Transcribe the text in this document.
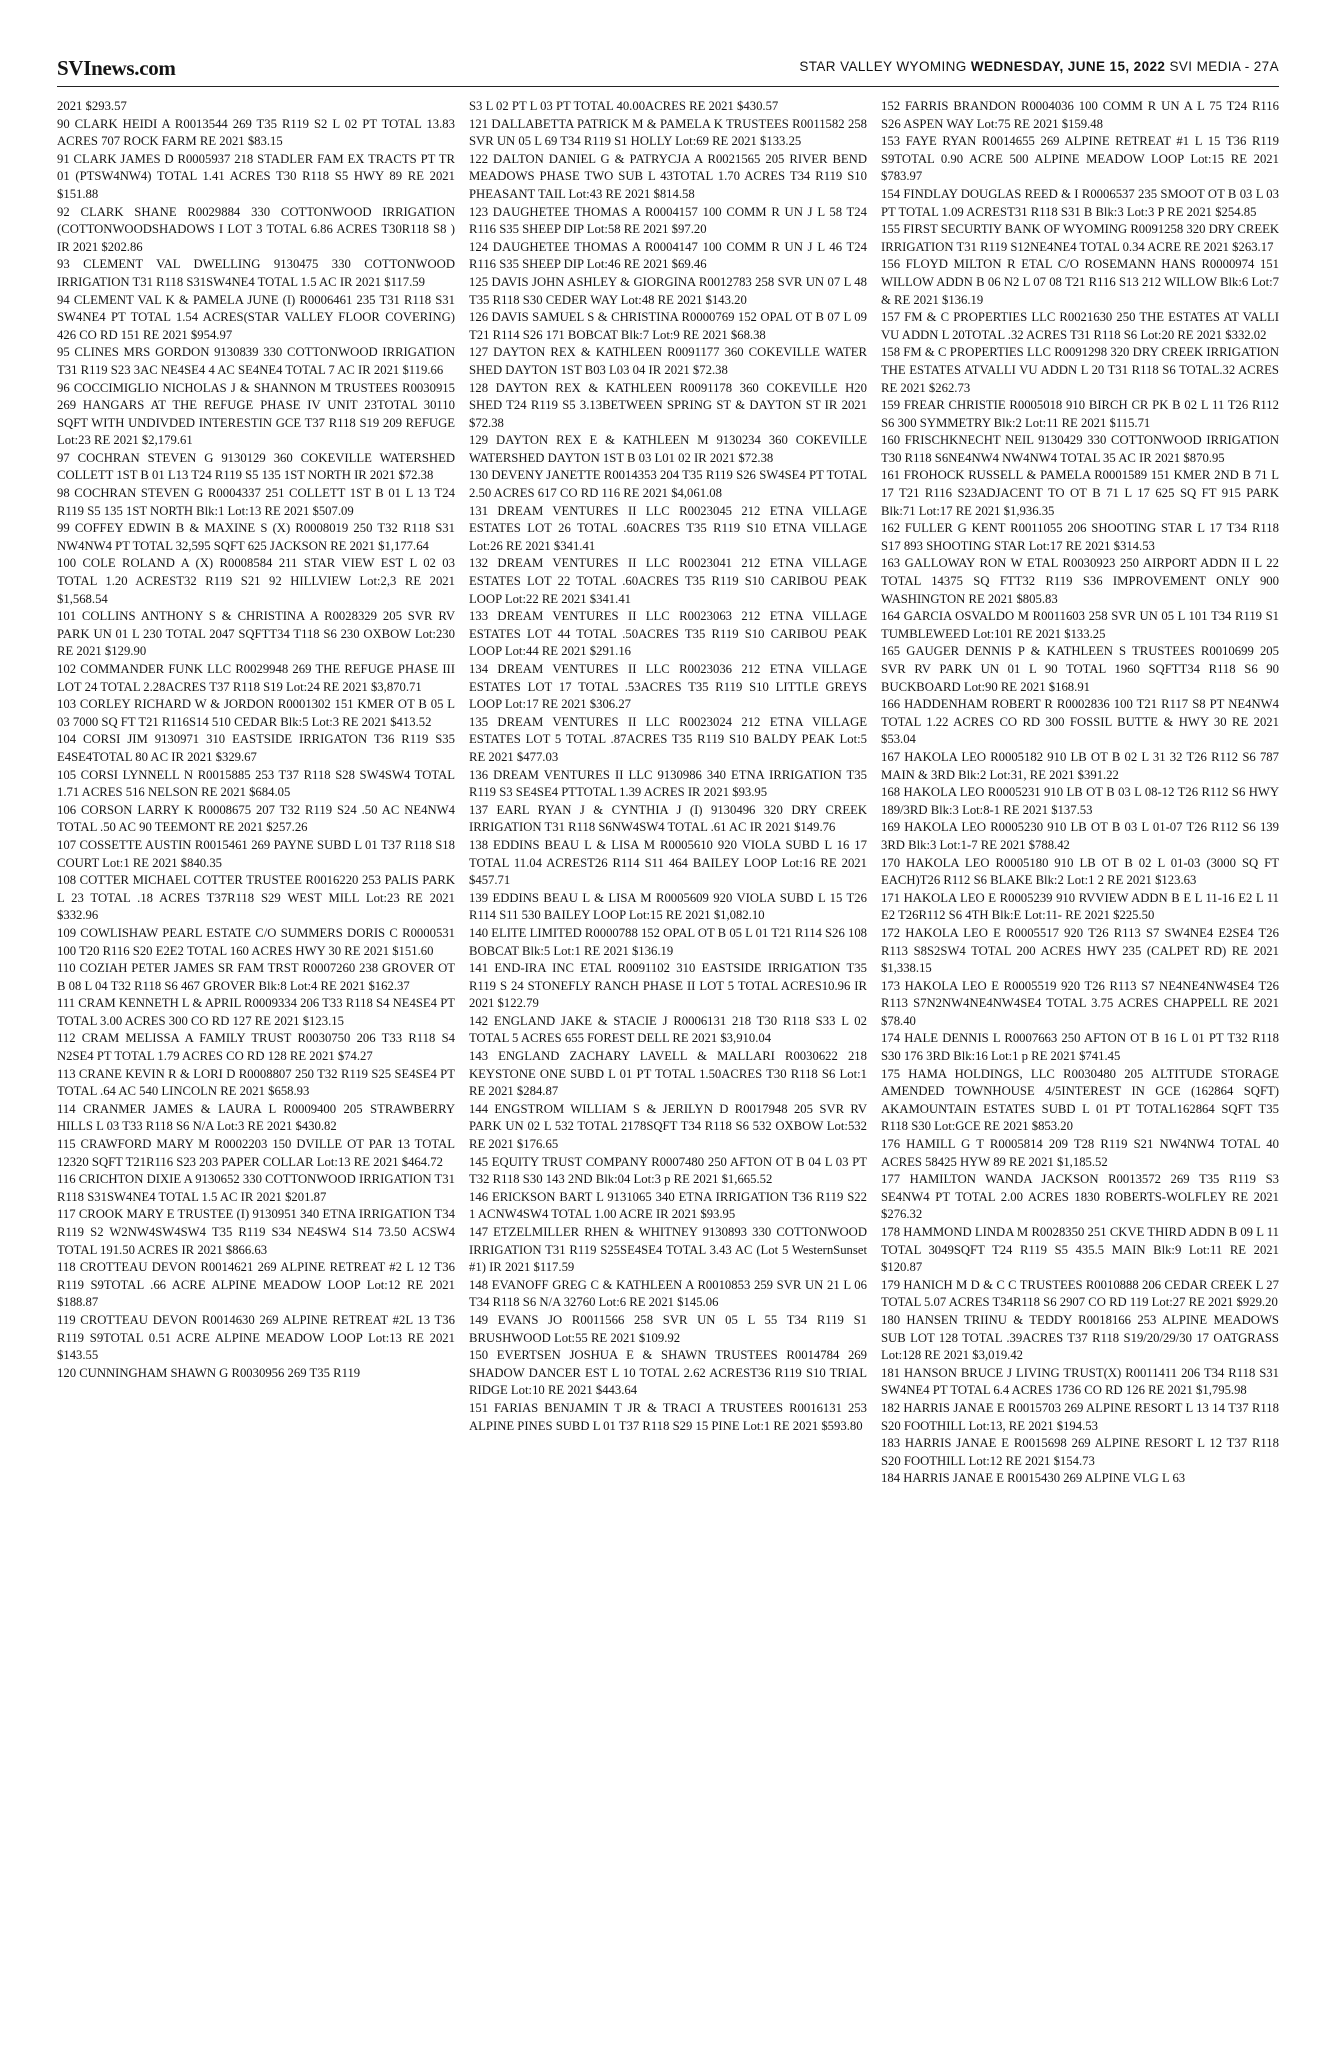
SVInews.com	STAR VALLEY WYOMING WEDNESDAY, JUNE 15, 2022 SVI MEDIA - 27A

2021 $293.57

90 CLARK HEIDI A R0013544 269 T35 R119 S2 L 02 PT TOTAL 13.83 ACRES 707 ROCK FARM RE 2021 $83.15

91 CLARK JAMES D R0005937 218 STADLER FAM EX TRACTS PT TR 01 (PTSW4NW4) TOTAL 1.41 ACRES T30 R118 S5 HWY 89 RE 2021 $151.88

92 CLARK SHANE R0029884 330 COTTONWOOD IRRIGATION (COTTONWOODSHADOWS I LOT 3 TOTAL 6.86 ACRES T30R118 S8 ) IR 2021 $202.86

93 CLEMENT VAL DWELLING 9130475 330 COTTONWOOD IRRIGATION T31 R118 S31SW4NE4 TOTAL 1.5 AC IR 2021 $117.59

94 CLEMENT VAL K & PAMELA JUNE (I) R0006461 235 T31 R118 S31 SW4NE4 PT TOTAL 1.54 ACRES(STAR VALLEY FLOOR COVERING) 426 CO RD 151 RE 2021 $954.97

95 CLINES MRS GORDON 9130839 330 COTTONWOOD IRRIGATION T31 R119 S23 3AC NE4SE4 4 AC SE4NE4 TOTAL 7 AC IR 2021 $119.66

96 COCCIMIGLIO NICHOLAS J & SHANNON M TRUSTEES R0030915 269 HANGARS AT THE REFUGE PHASE IV UNIT 23TOTAL 30110 SQFT WITH UNDIVDED INTERESTIN GCE T37 R118 S19 209 REFUGE Lot:23 RE 2021 $2,179.61

97 COCHRAN STEVEN G 9130129 360 COKEVILLE WATERSHED COLLETT 1ST B 01 L13 T24 R119 S5 135 1ST NORTH IR 2021 $72.38

98 COCHRAN STEVEN G R0004337 251 COLLETT 1ST B 01 L 13 T24 R119 S5 135 1ST NORTH Blk:1 Lot:13 RE 2021 $507.09

99 COFFEY EDWIN B & MAXINE S (X) R0008019 250 T32 R118 S31 NW4NW4 PT TOTAL 32,595 SQFT 625 JACKSON RE 2021 $1,177.64

100 COLE ROLAND A (X) R0008584 211 STAR VIEW EST L 02 03 TOTAL 1.20 ACREST32 R119 S21 92 HILLVIEW Lot:2,3 RE 2021 $1,568.54

101 COLLINS ANTHONY S & CHRISTINA A R0028329 205 SVR RV PARK UN 01 L 230 TOTAL 2047 SQFTT34 T118 S6 230 OXBOW Lot:230 RE 2021 $129.90

102 COMMANDER FUNK LLC R0029948 269 THE REFUGE PHASE III LOT 24 TOTAL 2.28ACRES T37 R118 S19 Lot:24 RE 2021 $3,870.71

103 CORLEY RICHARD W & JORDON R0001302 151 KMER OT B 05 L 03 7000 SQ FT T21 R116S14 510 CEDAR Blk:5 Lot:3 RE 2021 $413.52

104 CORSI JIM 9130971 310 EASTSIDE IRRIGATON T36 R119 S35 E4SE4TOTAL 80 AC IR 2021 $329.67

105 CORSI LYNNELL N R0015885 253 T37 R118 S28 SW4SW4 TOTAL 1.71 ACRES 516 NELSON RE 2021 $684.05

106 CORSON LARRY K R0008675 207 T32 R119 S24 .50 AC NE4NW4 TOTAL .50 AC 90 TEEMONT RE 2021 $257.26

107 COSSETTE AUSTIN R0015461 269 PAYNE SUBD L 01 T37 R118 S18 COURT Lot:1 RE 2021 $840.35

108 COTTER MICHAEL COTTER TRUSTEE R0016220 253 PALIS PARK L 23 TOTAL .18 ACRES T37R118 S29 WEST MILL Lot:23 RE 2021 $332.96

109 COWLISHAW PEARL ESTATE C/O SUMMERS DORIS C R0000531 100 T20 R116 S20 E2E2 TOTAL 160 ACRES HWY 30 RE 2021 $151.60

110 COZIAH PETER JAMES SR FAM TRST R0007260 238 GROVER OT B 08 L 04 T32 R118 S6 467 GROVER Blk:8 Lot:4 RE 2021 $162.37

111 CRAM KENNETH L & APRIL R0009334 206 T33 R118 S4 NE4SE4 PT TOTAL 3.00 ACRES 300 CO RD 127 RE 2021 $123.15

112 CRAM MELISSA A FAMILY TRUST R0030750 206 T33 R118 S4 N2SE4 PT TOTAL 1.79 ACRES CO RD 128 RE 2021 $74.27

113 CRANE KEVIN R & LORI D R0008807 250 T32 R119 S25 SE4SE4 PT TOTAL .64 AC 540 LINCOLN RE 2021 $658.93

114 CRANMER JAMES & LAURA L R0009400 205 STRAWBERRY HILLS L 03 T33 R118 S6 N/A Lot:3 RE 2021 $430.82

115 CRAWFORD MARY M R0002203 150 DVILLE OT PAR 13 TOTAL 12320 SQFT T21R116 S23 203 PAPER COLLAR Lot:13 RE 2021 $464.72

116 CRICHTON DIXIE A 9130652 330 COTTONWOOD IRRIGATION T31 R118 S31SW4NE4 TOTAL 1.5 AC IR 2021 $201.87

117 CROOK MARY E TRUSTEE (I) 9130951 340 ETNA IRRIGATION T34 R119 S2 W2NW4SW4SW4 T35 R119 S34 NE4SW4 S14 73.50 ACSW4 TOTAL 191.50 ACRES IR 2021 $866.63

118 CROTTEAU DEVON R0014621 269 ALPINE RETREAT #2 L 12 T36 R119 S9TOTAL .66 ACRE ALPINE MEADOW LOOP Lot:12 RE 2021 $188.87

119 CROTTEAU DEVON R0014630 269 ALPINE RETREAT #2L 13 T36 R119 S9TOTAL 0.51 ACRE ALPINE MEADOW LOOP Lot:13 RE 2021 $143.55

120 CUNNINGHAM SHAWN G R0030956 269 T35 R119

S3 L 02 PT L 03 PT TOTAL 40.00ACRES RE 2021 $430.57

121 DALLABETTA PATRICK M & PAMELA K TRUSTEES R0011582 258 SVR UN 05 L 69 T34 R119 S1 HOLLY Lot:69 RE 2021 $133.25

122 DALTON DANIEL G & PATRYCJA A R0021565 205 RIVER BEND MEADOWS PHASE TWO SUB L 43TOTAL 1.70 ACRES T34 R119 S10 PHEASANT TAIL Lot:43 RE 2021 $814.58

123 DAUGHETEE THOMAS A R0004157 100 COMM R UN J L 58 T24 R116 S35 SHEEP DIP Lot:58 RE 2021 $97.20

124 DAUGHETEE THOMAS A R0004147 100 COMM R UN J L 46 T24 R116 S35 SHEEP DIP Lot:46 RE 2021 $69.46

125 DAVIS JOHN ASHLEY & GIORGINA R0012783 258 SVR UN 07 L 48 T35 R118 S30 CEDER WAY Lot:48 RE 2021 $143.20

126 DAVIS SAMUEL S & CHRISTINA R0000769 152 OPAL OT B 07 L 09 T21 R114 S26 171 BOBCAT Blk:7 Lot:9 RE 2021 $68.38

127 DAYTON REX & KATHLEEN R0091177 360 COKEVILLE WATER SHED DAYTON 1ST B03 L03 04 IR 2021 $72.38

128 DAYTON REX & KATHLEEN R0091178 360 COKEVILLE H20 SHED T24 R119 S5 3.13BETWEEN SPRING ST & DAYTON ST IR 2021 $72.38

129 DAYTON REX E & KATHLEEN M 9130234 360 COKEVILLE WATERSHED DAYTON 1ST B 03 L01 02 IR 2021 $72.38

130 DEVENY JANETTE R0014353 204 T35 R119 S26 SW4SE4 PT TOTAL 2.50 ACRES 617 CO RD 116 RE 2021 $4,061.08

131 DREAM VENTURES II LLC R0023045 212 ETNA VILLAGE ESTATES LOT 26 TOTAL .60ACRES T35 R119 S10 ETNA VILLAGE Lot:26 RE 2021 $341.41

132 DREAM VENTURES II LLC R0023041 212 ETNA VILLAGE ESTATES LOT 22 TOTAL .60ACRES T35 R119 S10 CARIBOU PEAK LOOP Lot:22 RE 2021 $341.41

133 DREAM VENTURES II LLC R0023063 212 ETNA VILLAGE ESTATES LOT 44 TOTAL .50ACRES T35 R119 S10 CARIBOU PEAK LOOP Lot:44 RE 2021 $291.16

134 DREAM VENTURES II LLC R0023036 212 ETNA VILLAGE ESTATES LOT 17 TOTAL .53ACRES T35 R119 S10 LITTLE GREYS LOOP Lot:17 RE 2021 $306.27

135 DREAM VENTURES II LLC R0023024 212 ETNA VILLAGE ESTATES LOT 5 TOTAL .87ACRES T35 R119 S10 BALDY PEAK Lot:5 RE 2021 $477.03

136 DREAM VENTURES II LLC 9130986 340 ETNA IRRIGATION T35 R119 S3 SE4SE4 PTTOTAL 1.39 ACRES IR 2021 $93.95

137 EARL RYAN J & CYNTHIA J (I) 9130496 320 DRY CREEK IRRIGATION T31 R118 S6NW4SW4 TOTAL .61 AC IR 2021 $149.76

138 EDDINS BEAU L & LISA M R0005610 920 VIOLA SUBD L 16 17 TOTAL 11.04 ACREST26 R114 S11 464 BAILEY LOOP Lot:16 RE 2021 $457.71

139 EDDINS BEAU L & LISA M R0005609 920 VIOLA SUBD L 15 T26 R114 S11 530 BAILEY LOOP Lot:15 RE 2021 $1,082.10

140 ELITE LIMITED R0000788 152 OPAL OT B 05 L 01 T21 R114 S26 108 BOBCAT Blk:5 Lot:1 RE 2021 $136.19

141 END-IRA INC ETAL R0091102 310 EASTSIDE IRRIGATION T35 R119 S 24 STONEFLY RANCH PHASE II LOT 5 TOTAL ACRES10.96 IR 2021 $122.79

142 ENGLAND JAKE & STACIE J R0006131 218 T30 R118 S33 L 02 TOTAL 5 ACRES 655 FOREST DELL RE 2021 $3,910.04

143 ENGLAND ZACHARY LAVELL & MALLARI R0030622 218 KEYSTONE ONE SUBD L 01 PT TOTAL 1.50ACRES T30 R118 S6 Lot:1 RE 2021 $284.87

144 ENGSTROM WILLIAM S & JERILYN D R0017948 205 SVR RV PARK UN 02 L 532 TOTAL 2178SQFT T34 R118 S6 532 OXBOW Lot:532 RE 2021 $176.65

145 EQUITY TRUST COMPANY R0007480 250 AFTON OT B 04 L 03 PT T32 R118 S30 143 2ND Blk:04 Lot:3 p RE 2021 $1,665.52

146 ERICKSON BART L 9131065 340 ETNA IRRIGATION T36 R119 S22 1 ACNW4SW4 TOTAL 1.00 ACRE IR 2021 $93.95

147 ETZELMILLER RHEN & WHITNEY 9130893 330 COTTONWOOD IRRIGATION T31 R119 S25SE4SE4 TOTAL 3.43 AC (Lot 5 WesternSunset #1) IR 2021 $117.59

148 EVANOFF GREG C & KATHLEEN A R0010853 259 SVR UN 21 L 06 T34 R118 S6 N/A 32760 Lot:6 RE 2021 $145.06

149 EVANS JO R0011566 258 SVR UN 05 L 55 T34 R119 S1 BRUSHWOOD Lot:55 RE 2021 $109.92

150 EVERTSEN JOSHUA E & SHAWN TRUSTEES R0014784 269 SHADOW DANCER EST L 10 TOTAL 2.62 ACREST36 R119 S10 TRIAL RIDGE Lot:10 RE 2021 $443.64

151 FARIAS BENJAMIN T JR & TRACI A TRUSTEES R0016131 253 ALPINE PINES SUBD L 01 T37 R118 S29 15 PINE Lot:1 RE 2021 $593.80

152 FARRIS BRANDON R0004036 100 COMM R UN A L 75 T24 R116 S26 ASPEN WAY Lot:75 RE 2021 $159.48

153 FAYE RYAN R0014655 269 ALPINE RETREAT #1 L 15 T36 R119 S9TOTAL 0.90 ACRE 500 ALPINE MEADOW LOOP Lot:15 RE 2021 $783.97

154 FINDLAY DOUGLAS REED & I R0006537 235 SMOOT OT B 03 L 03 PT TOTAL 1.09 ACREST31 R118 S31 B Blk:3 Lot:3 P RE 2021 $254.85

155 FIRST SECURTIY BANK OF WYOMING R0091258 320 DRY CREEK IRRIGATION T31 R119 S12NE4NE4 TOTAL 0.34 ACRE RE 2021 $263.17

156 FLOYD MILTON R ETAL C/O ROSEMANN HANS R0000974 151 WILLOW ADDN B 06 N2 L 07 08 T21 R116 S13 212 WILLOW Blk:6 Lot:7 & RE 2021 $136.19

157 FM & C PROPERTIES LLC R0021630 250 THE ESTATES AT VALLI VU ADDN L 20TOTAL .32 ACRES T31 R118 S6 Lot:20 RE 2021 $332.02

158 FM & C PROPERTIES LLC R0091298 320 DRY CREEK IRRIGATION THE ESTATES ATVALLI VU ADDN L 20 T31 R118 S6 TOTAL.32 ACRES RE 2021 $262.73

159 FREAR CHRISTIE R0005018 910 BIRCH CR PK B 02 L 11 T26 R112 S6 300 SYMMETRY Blk:2 Lot:11 RE 2021 $115.71

160 FRISCHKNECHT NEIL 9130429 330 COTTONWOOD IRRIGATION T30 R118 S6NE4NW4 NW4NW4 TOTAL 35 AC IR 2021 $870.95

161 FROHOCK RUSSELL & PAMELA R0001589 151 KMER 2ND B 71 L 17 T21 R116 S23ADJACENT TO OT B 71 L 17 625 SQ FT 915 PARK Blk:71 Lot:17 RE 2021 $1,936.35

162 FULLER G KENT R0011055 206 SHOOTING STAR L 17 T34 R118 S17 893 SHOOTING STAR Lot:17 RE 2021 $314.53

163 GALLOWAY RON W ETAL R0030923 250 AIRPORT ADDN II L 22 TOTAL 14375 SQ FTT32 R119 S36 IMPROVEMENT ONLY 900 WASHINGTON RE 2021 $805.83

164 GARCIA OSVALDO M R0011603 258 SVR UN 05 L 101 T34 R119 S1 TUMBLEWEED Lot:101 RE 2021 $133.25

165 GAUGER DENNIS P & KATHLEEN S TRUSTEES R0010699 205 SVR RV PARK UN 01 L 90 TOTAL 1960 SQFTT34 R118 S6 90 BUCKBOARD Lot:90 RE 2021 $168.91

166 HADDENHAM ROBERT R R0002836 100 T21 R117 S8 PT NE4NW4 TOTAL 1.22 ACRES CO RD 300 FOSSIL BUTTE & HWY 30 RE 2021 $53.04

167 HAKOLA LEO R0005182 910 LB OT B 02 L 31 32 T26 R112 S6 787 MAIN & 3RD Blk:2 Lot:31, RE 2021 $391.22

168 HAKOLA LEO R0005231 910 LB OT B 03 L 08-12 T26 R112 S6 HWY 189/3RD Blk:3 Lot:8-1 RE 2021 $137.53

169 HAKOLA LEO R0005230 910 LB OT B 03 L 01-07 T26 R112 S6 139 3RD Blk:3 Lot:1-7 RE 2021 $788.42

170 HAKOLA LEO R0005180 910 LB OT B 02 L 01-03 (3000 SQ FT EACH)T26 R112 S6 BLAKE Blk:2 Lot:1 2 RE 2021 $123.63

171 HAKOLA LEO E R0005239 910 RVVIEW ADDN B E L 11-16 E2 L 11 E2 T26R112 S6 4TH Blk:E Lot:11- RE 2021 $225.50

172 HAKOLA LEO E R0005517 920 T26 R113 S7 SW4NE4 E2SE4 T26 R113 S8S2SW4 TOTAL 200 ACRES HWY 235 (CALPET RD) RE 2021 $1,338.15

173 HAKOLA LEO E R0005519 920 T26 R113 S7 NE4NE4NW4SE4 T26 R113 S7N2NW4NE4NW4SE4 TOTAL 3.75 ACRES CHAPPELL RE 2021 $78.40

174 HALE DENNIS L R0007663 250 AFTON OT B 16 L 01 PT T32 R118 S30 176 3RD Blk:16 Lot:1 p RE 2021 $741.45

175 HAMA HOLDINGS, LLC R0030480 205 ALTITUDE STORAGE AMENDED TOWNHOUSE 4/5INTEREST IN GCE (162864 SQFT) AKAMOUNTAIN ESTATES SUBD L 01 PT TOTAL162864 SQFT T35 R118 S30 Lot:GCE RE 2021 $853.20

176 HAMILL G T R0005814 209 T28 R119 S21 NW4NW4 TOTAL 40 ACRES 58425 HYW 89 RE 2021 $1,185.52

177 HAMILTON WANDA JACKSON R0013572 269 T35 R119 S3 SE4NW4 PT TOTAL 2.00 ACRES 1830 ROBERTS-WOLFLEY RE 2021 $276.32

178 HAMMOND LINDA M R0028350 251 CKVE THIRD ADDN B 09 L 11 TOTAL 3049SQFT T24 R119 S5 435.5 MAIN Blk:9 Lot:11 RE 2021 $120.87

179 HANICH M D & C C TRUSTEES R0010888 206 CEDAR CREEK L 27 TOTAL 5.07 ACRES T34R118 S6 2907 CO RD 119 Lot:27 RE 2021 $929.20

180 HANSEN TRIINU & TEDDY R0018166 253 ALPINE MEADOWS SUB LOT 128 TOTAL .39ACRES T37 R118 S19/20/29/30 17 OATGRASS Lot:128 RE 2021 $3,019.42

181 HANSON BRUCE J LIVING TRUST(X) R0011411 206 T34 R118 S31 SW4NE4 PT TOTAL 6.4 ACRES 1736 CO RD 126 RE 2021 $1,795.98

182 HARRIS JANAE E R0015703 269 ALPINE RESORT L 13 14 T37 R118 S20 FOOTHILL Lot:13, RE 2021 $194.53

183 HARRIS JANAE E R0015698 269 ALPINE RESORT L 12 T37 R118 S20 FOOTHILL Lot:12 RE 2021 $154.73

184 HARRIS JANAE E R0015430 269 ALPINE VLG L 63
